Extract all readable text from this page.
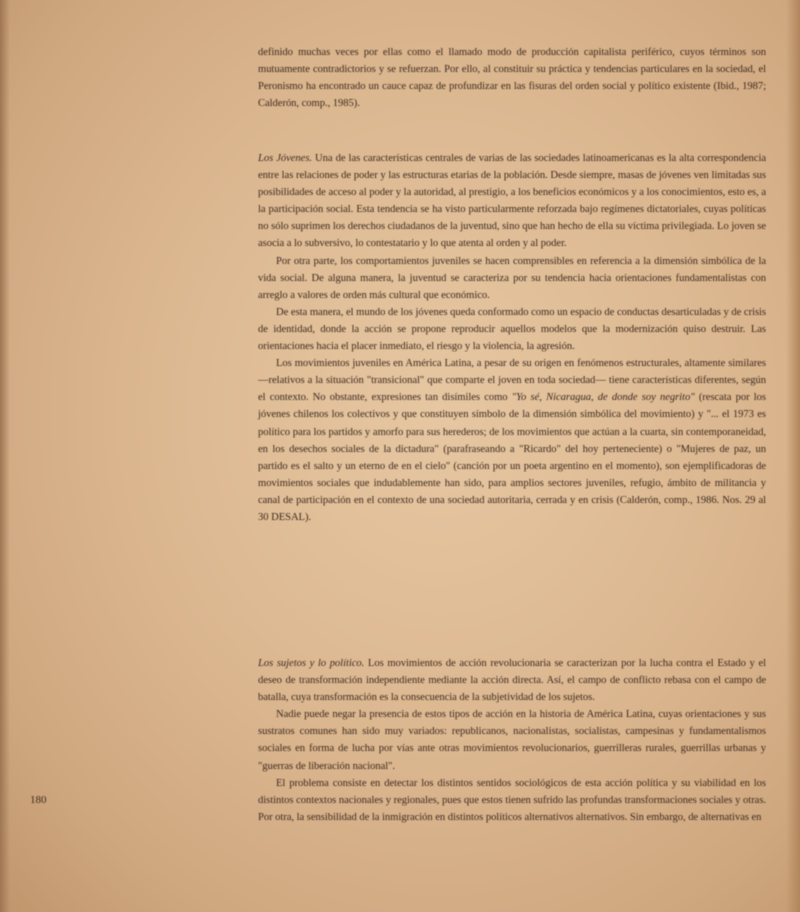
definido muchas veces por ellas como el llamado modo de producción capitalista periférico, cuyos términos son mutuamente contradictorios y se refuerzan. Por ello, al constituir su práctica y tendencias particulares en la sociedad, el Peronismo ha encontrado un cauce capaz de profundizar en las fisuras del orden social y político existente (Ibid., 1987; Calderón, comp., 1985).

Los Jóvenes. Una de las características centrales de varias de las sociedades latinoamericanas es la alta correspondencia entre las relaciones de poder y las estructuras etarias de la población. Desde siempre, masas de jóvenes ven limitadas sus posibilidades de acceso al poder y la autoridad, al prestigio, a los beneficios económicos y a los conocimientos, esto es, a la participación social. Esta tendencia se ha visto particularmente reforzada bajo regímenes dictatoriales, cuyas políticas no sólo suprimen los derechos ciudadanos de la juventud, sino que han hecho de ella su víctima privilegiada. Lo joven se asocia a lo subversivo, lo contestatario y lo que atenta al orden y al poder.

Por otra parte, los comportamientos juveniles se hacen comprensibles en referencia a la dimensión simbólica de la vida social. De alguna manera, la juventud se caracteriza por su tendencia hacia orientaciones fundamentalistas con arreglo a valores de orden más cultural que económico.

De esta manera, el mundo de los jóvenes queda conformado como un espacio de conductas desarticuladas y de crisis de identidad, donde la acción se propone reproducir aquellos modelos que la modernización quiso destruir. Las orientaciones hacia el placer inmediato, el riesgo y la violencia, la agresión.

Los movimientos juveniles en América Latina, a pesar de su origen en fenómenos estructurales, altamente similares —relativos a la situación "transicional" que comparte el joven en toda sociedad— tiene características diferentes, según el contexto. No obstante, expresiones tan disímiles como "Yo sé, Nicaragua, de donde soy negrito" (rescata por los jóvenes chilenos los colectivos y que constituyen símbolo de la dimensión simbólica del movimiento) y "... el 1973 es político para los partidos y amorfo para sus herederos; de los movimientos que actúan a la cuarta, sin contemporaneidad, en los desechos sociales de la dictadura" (parafraseando a "Ricardo" del hoy perteneciente) o "Mujeres de paz, un partido es el salto y un eterno de en el cielo" (canción por un poeta argentino en el momento), son ejemplificadoras de movimientos sociales que indudablemente han sido, para amplios sectores juveniles, refugio, ámbito de militancia y canal de participación en el contexto de una sociedad autoritaria, cerrada y en crisis (Calderón, comp., 1986. Nos. 29 al 30 DESAL).

Los sujetos y lo político. Los movimientos de acción revolucionaria se caracterizan por la lucha contra el Estado y el deseo de transformación independiente mediante la acción directa. Así, el campo de conflicto rebasa con el campo de batalla, cuya transformación es la consecuencia de la subjetividad de los sujetos.

Nadie puede negar la presencia de estos tipos de acción en la historia de América Latina, cuyas orientaciones y sus sustratos comunes han sido muy variados: republicanos, nacionalistas, socialistas, campesinas y fundamentalismos sociales en forma de lucha por vías ante otras movimientos revolucionarios, guerrilleras rurales, guerrillas urbanas y "guerras de liberación nacional".

El problema consiste en detectar los distintos sentidos sociológicos de esta acción política y su viabilidad en los distintos contextos nacionales y regionales, pues que estos tienen sufrido las profundas transformaciones sociales y otras. Por otra, la sensibilidad de la inmigración en distintos políticos alternativos alternativos. Sin embargo, de alternativas en

180
